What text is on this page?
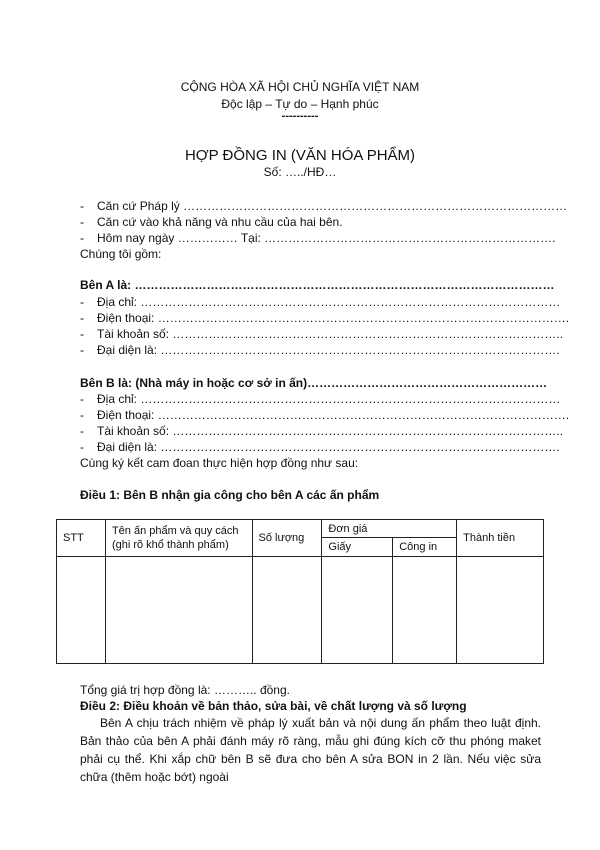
CỘNG HÒA XÃ HỘI CHỦ NGHĨA VIỆT NAM
Độc lập – Tự do – Hạnh phúc
----------
HỢP ĐỒNG IN (VĂN HÓA PHẨM)
Số: …../HĐ…
- Căn cứ Pháp lý ……………………………………………………………………………………
- Căn cứ vào khả năng và nhu cầu của hai bên.
- Hôm nay ngày …………… Tại: ……………………………………………………………….
Chúng tôi gồm:
Bên A là: ……………………………………………………………………………………………
- Địa chỉ: ……………………………………………………………………………………………
- Điện thoại: ………………………………………………………………………………………….
- Tài khoản số: ……………………………………………………………………………………..
- Đại diện là: ……………………………………………………………………………………….
Bên B là: (Nhà máy in hoặc cơ sở in ấn)……………………………………………………
- Địa chỉ: ……………………………………………………………………………………………
- Điện thoại: ………………………………………………………………………………………….
- Tài khoản số: ……………………………………………………………………………………..
- Đại diện là: ……………………………………………………………………………………….
Cùng ký kết cam đoan thực hiện hợp đồng như sau:
Điều 1: Bên B nhận gia công cho bên A các ấn phẩm
STT	Tên ấn phẩm và quy cách (ghi rõ khổ thành phẩm)	Số lượng	Đơn giá		Thành tiền
			Giấy	Công in	

Tổng giá trị hợp đồng là: ……….. đồng.
Điều 2: Điều khoản về bản thảo, sửa bài, về chất lượng và số lượng
Bên A chịu trách nhiệm về pháp lý xuất bản và nội dung ấn phẩm theo luật định. Bản thảo của bên A phải đánh máy rõ ràng, mẫu ghi đúng kích cỡ thu phóng maket phải cụ thể. Khi xắp chữ bên B sẽ đưa cho bên A sửa BON in 2 lần. Nếu việc sửa chữa (thêm hoặc bớt) ngoài
